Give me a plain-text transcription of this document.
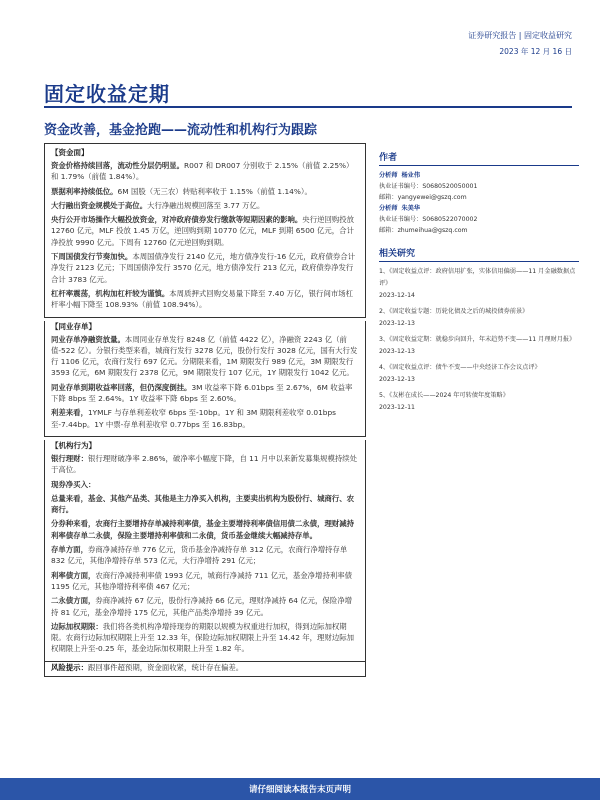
证券研究报告 | 固定收益研究
2023 年 12 月 16 日
固定收益定期
资金改善，基金抢跑——流动性和机构行为跟踪
【资金面】

资金价格持续回落，流动性分层仍明显。R007 和 DR007 分别收于 2.15%（前值 2.25%）和 1.79%（前值 1.84%）。

票据利率持续低位。6M 国股（无三农）转贴利率收于 1.15%（前值 1.14%）。

大行融出资金规模处于高位。大行净融出规模回落至 3.77 万亿。

央行公开市场操作大幅投放资金，对冲政府债券发行缴款等短期因素的影响。央行逆回购投放 12760 亿元，MLF 投放 1.45 万亿，逆回购到期 10770 亿元，MLF 到期 6500 亿元，合计净投放 9990 亿元。下周有 12760 亿元逆回购到期。

下周国债发行节奏加快。本周国债净发行 2140 亿元，地方债净发行-16 亿元，政府债券合计净发行 2123 亿元；下周国债净发行 3570 亿元，地方债净发行 213 亿元，政府债券净发行合计 3783 亿元。

杠杆率震荡，机构加杠杆较为谨慎。本周质押式回购交易量下降至 7.40 万亿，银行间市场杠杆率小幅下降至 108.93%（前值 108.94%）。

【同业存单】

同业存单净融资放量。本周同业存单发行 8248 亿（前值 4422 亿），净融资 2243 亿（前值-522 亿）。分银行类型来看，城商行发行 3278 亿元，股份行发行 3028 亿元，国有大行发行 1106 亿元，农商行发行 697 亿元。分期限来看，1M 期限发行 989 亿元，3M 期限发行 3593 亿元，6M 期限发行 2378 亿元，9M 期限发行 107 亿元，1Y 期限发行 1042 亿元。

同业存单到期收益率回落，但仍深度倒挂。3M 收益率下降 6.01bps 至 2.67%，6M 收益率下降 8bps 至 2.64%。1Y 收益率下降 6bps 至 2.60%。

利差来看，1YMLF 与存单利差收窄 6bps 至-10bp。1Y 和 3M 期限利差收窄 0.01bps 至-7.44bp。1Y 中票-存单利差收窄 0.77bps 至 16.83bp。

【机构行为】

银行理财：银行理财破净率 2.86%，破净率小幅度下降，自 11 月中以来新发募集规模持续处于高位。

现券净买入：

总量来看，基金、其他产品类、其他是主力净买入机构，主要卖出机构为股份行、城商行、农商行。

分券种来看，农商行主要增持存单减持利率债，基金主要增持利率债信用债二永债，理财减持利率债存单二永债，保险主要增持利率债和二永债，货币基金继续大幅减持存单。

存单方面，券商净减持存单 776 亿元，货币基金净减持存单 312 亿元，农商行净增持存单 832 亿元，其他净增持存单 573 亿元，大行净增持 291 亿元；

利率债方面，农商行净减持利率债 1993 亿元，城商行净减持 711 亿元，基金净增持利率债 1195 亿元，其他净增持利率债 467 亿元；

二永债方面，券商净减持 67 亿元，股份行净减持 66 亿元，理财净减持 64 亿元，保险净增持 81 亿元，基金净增持 175 亿元，其他产品类净增持 39 亿元。

边际加权期限：我们将各类机构净增持现券的期限以规模为权重进行加权，得到边际加权期限。农商行边际加权期限上升至 12.33 年，保险边际加权期限上升至 14.42 年，理财边际加权期限上升至-0.25 年，基金边际加权期限上升至 1.82 年。

风险提示：跟回事件超预期，资金面收紧，统计存在偏差。

作者
分析师 杨业伟
执业证书编号：S0680520050001
邮箱：yangyewei@gszq.com
分析师 朱美华
执业证书编号：S0680522070002
邮箱：zhumeihua@gszq.com
相关研究

1、《固定收益点评：政府信用扩张，实体信用偏弱——11 月金融数据点评》

2023-12-14

2、《固定收益专题：历轮化债及之后的城投债券前景》

2023-12-13

3、《固定收益定期：就稳步向回升，年末趋势不变——11 月理财月报》

2023-12-13

4、《固定收益点评：债牛不变——中央经济工作会议点评》

2023-12-13

5、《友彬在成长——2024 年可转债年度策略》

2023-12-11

请仔细阅读本报告末页声明
